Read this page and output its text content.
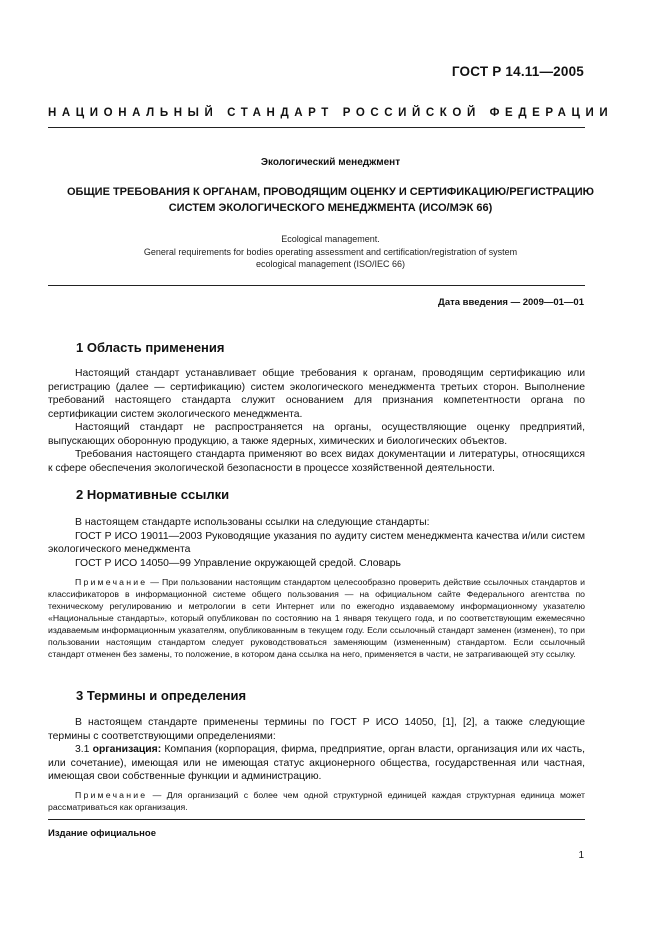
ГОСТ Р 14.11—2005
НАЦИОНАЛЬНЫЙ СТАНДАРТ РОССИЙСКОЙ ФЕДЕРАЦИИ
Экологический менеджмент
ОБЩИЕ ТРЕБОВАНИЯ К ОРГАНАМ, ПРОВОДЯЩИМ ОЦЕНКУ И СЕРТИФИКАЦИЮ/РЕГИСТРАЦИЮ
СИСТЕМ ЭКОЛОГИЧЕСКОГО МЕНЕДЖМЕНТА (ИСО/МЭК 66)
Ecological management.
General requirements for bodies operating assessment and certification/registration of system
ecological management (ISO/IEC 66)
Дата введения — 2009—01—01
1 Область применения

Настоящий стандарт устанавливает общие требования к органам, проводящим сертификацию или регистрацию (далее — сертификацию) систем экологического менеджмента третьих сторон. Выполнение требований настоящего стандарта служит основанием для признания компетентности органа по сертификации систем экологического менеджмента.

Настоящий стандарт не распространяется на органы, осуществляющие оценку предприятий, выпускающих оборонную продукцию, а также ядерных, химических и биологических объектов.

Требования настоящего стандарта применяют во всех видах документации и литературы, относящихся к сфере обеспечения экологической безопасности в процессе хозяйственной деятельности.

2 Нормативные ссылки

В настоящем стандарте использованы ссылки на следующие стандарты:

ГОСТ Р ИСО 19011—2003 Руководящие указания по аудиту систем менеджмента качества и/или систем экологического менеджмента

ГОСТ Р ИСО 14050—99 Управление окружающей средой. Словарь

Примечание — При пользовании настоящим стандартом целесообразно проверить действие ссылочных стандартов и классификаторов в информационной системе общего пользования — на официальном сайте Федерального агентства по техническому регулированию и метрологии в сети Интернет или по ежегодно издаваемому информационному указателю «Национальные стандарты», который опубликован по состоянию на 1 января текущего года, и по соответствующим ежемесячно издаваемым информационным указателям, опубликованным в текущем году. Если ссылочный стандарт заменен (изменен), то при пользовании настоящим стандартом следует руководствоваться заменяющим (измененным) стандартом. Если ссылочный стандарт отменен без замены, то положение, в котором дана ссылка на него, применяется в части, не затрагивающей эту ссылку.

3 Термины и определения

В настоящем стандарте применены термины по ГОСТ Р ИСО 14050, [1], [2], а также следующие термины с соответствующими определениями:

3.1 организация: Компания (корпорация, фирма, предприятие, орган власти, организация или их часть, или сочетание), имеющая или не имеющая статус акционерного общества, государственная или частная, имеющая свои собственные функции и администрацию.

Примечание — Для организаций с более чем одной структурной единицей каждая структурная единица может рассматриваться как организация.

Издание официальное
1
